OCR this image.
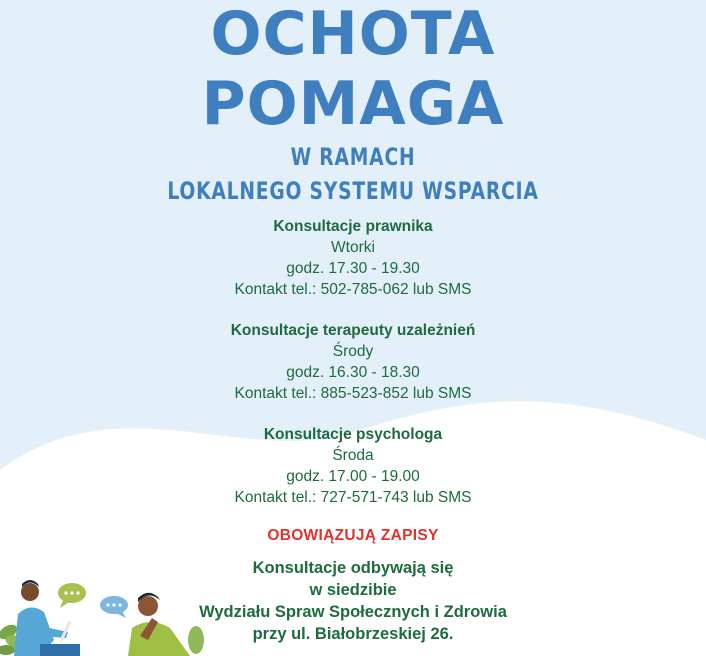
OCHOTA
POMAGA
W RAMACH
LOKALNEGO SYSTEMU WSPARCIA
Konsultacje prawnika
Wtorki
godz. 17.30 - 19.30
Kontakt tel.: 502-785-062 lub SMS
Konsultacje terapeuty uzależnień
Środy
godz. 16.30 - 18.30
Kontakt tel.: 885-523-852 lub SMS
Konsultacje psychologa
Środa
godz. 17.00 - 19.00
Kontakt tel.: 727-571-743 lub SMS
OBOWIĄZUJĄ ZAPISY
Konsultacje odbywają się
w siedzibie
Wydziału Spraw Społecznych i Zdrowia
przy ul. Białobrzeskiej 26.
